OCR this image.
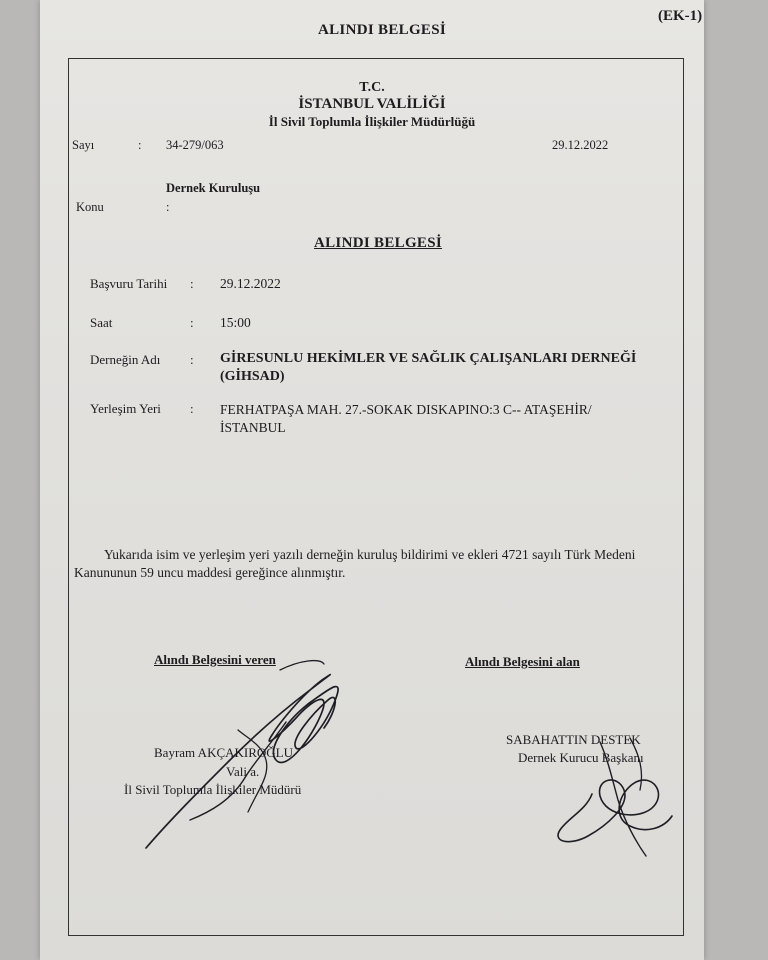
(EK-1)
ALINDI BELGESİ
T.C.
İSTANBUL VALİLİĞİ
İl Sivil Toplumla İlişkiler Müdürlüğü
Sayı	: 34-279/063	29.12.2022
Dernek Kuruluşu
Konu	:
ALINDI BELGESİ
Başvuru Tarihi : 29.12.2022
Saat	: 15:00
Derneğin Adı : GİRESUNLU HEKİMLER VE SAĞLIK ÇALIŞANLARI DERNEĞİ (GİHSAD)
Yerleşim Yeri : FERHATPAŞA MAH. 27.-SOKAK DISKAPINO:3 C-- ATAŞEHİR/İSTANBUL
Yukarıda isim ve yerleşim yeri yazılı derneğin kuruluş bildirimi ve ekleri 4721 sayılı Türk Medeni Kanununun 59 uncu maddesi gereğince alınmıştır.
Alındı Belgesini veren	Alındı Belgesini alan
Bayram AKÇAKIROĞLU
Vali a.
İl Sivil Toplumla İlişkiler Müdürü
SABAHATTIN DESTEK
Dernek Kurucu Başkanı
